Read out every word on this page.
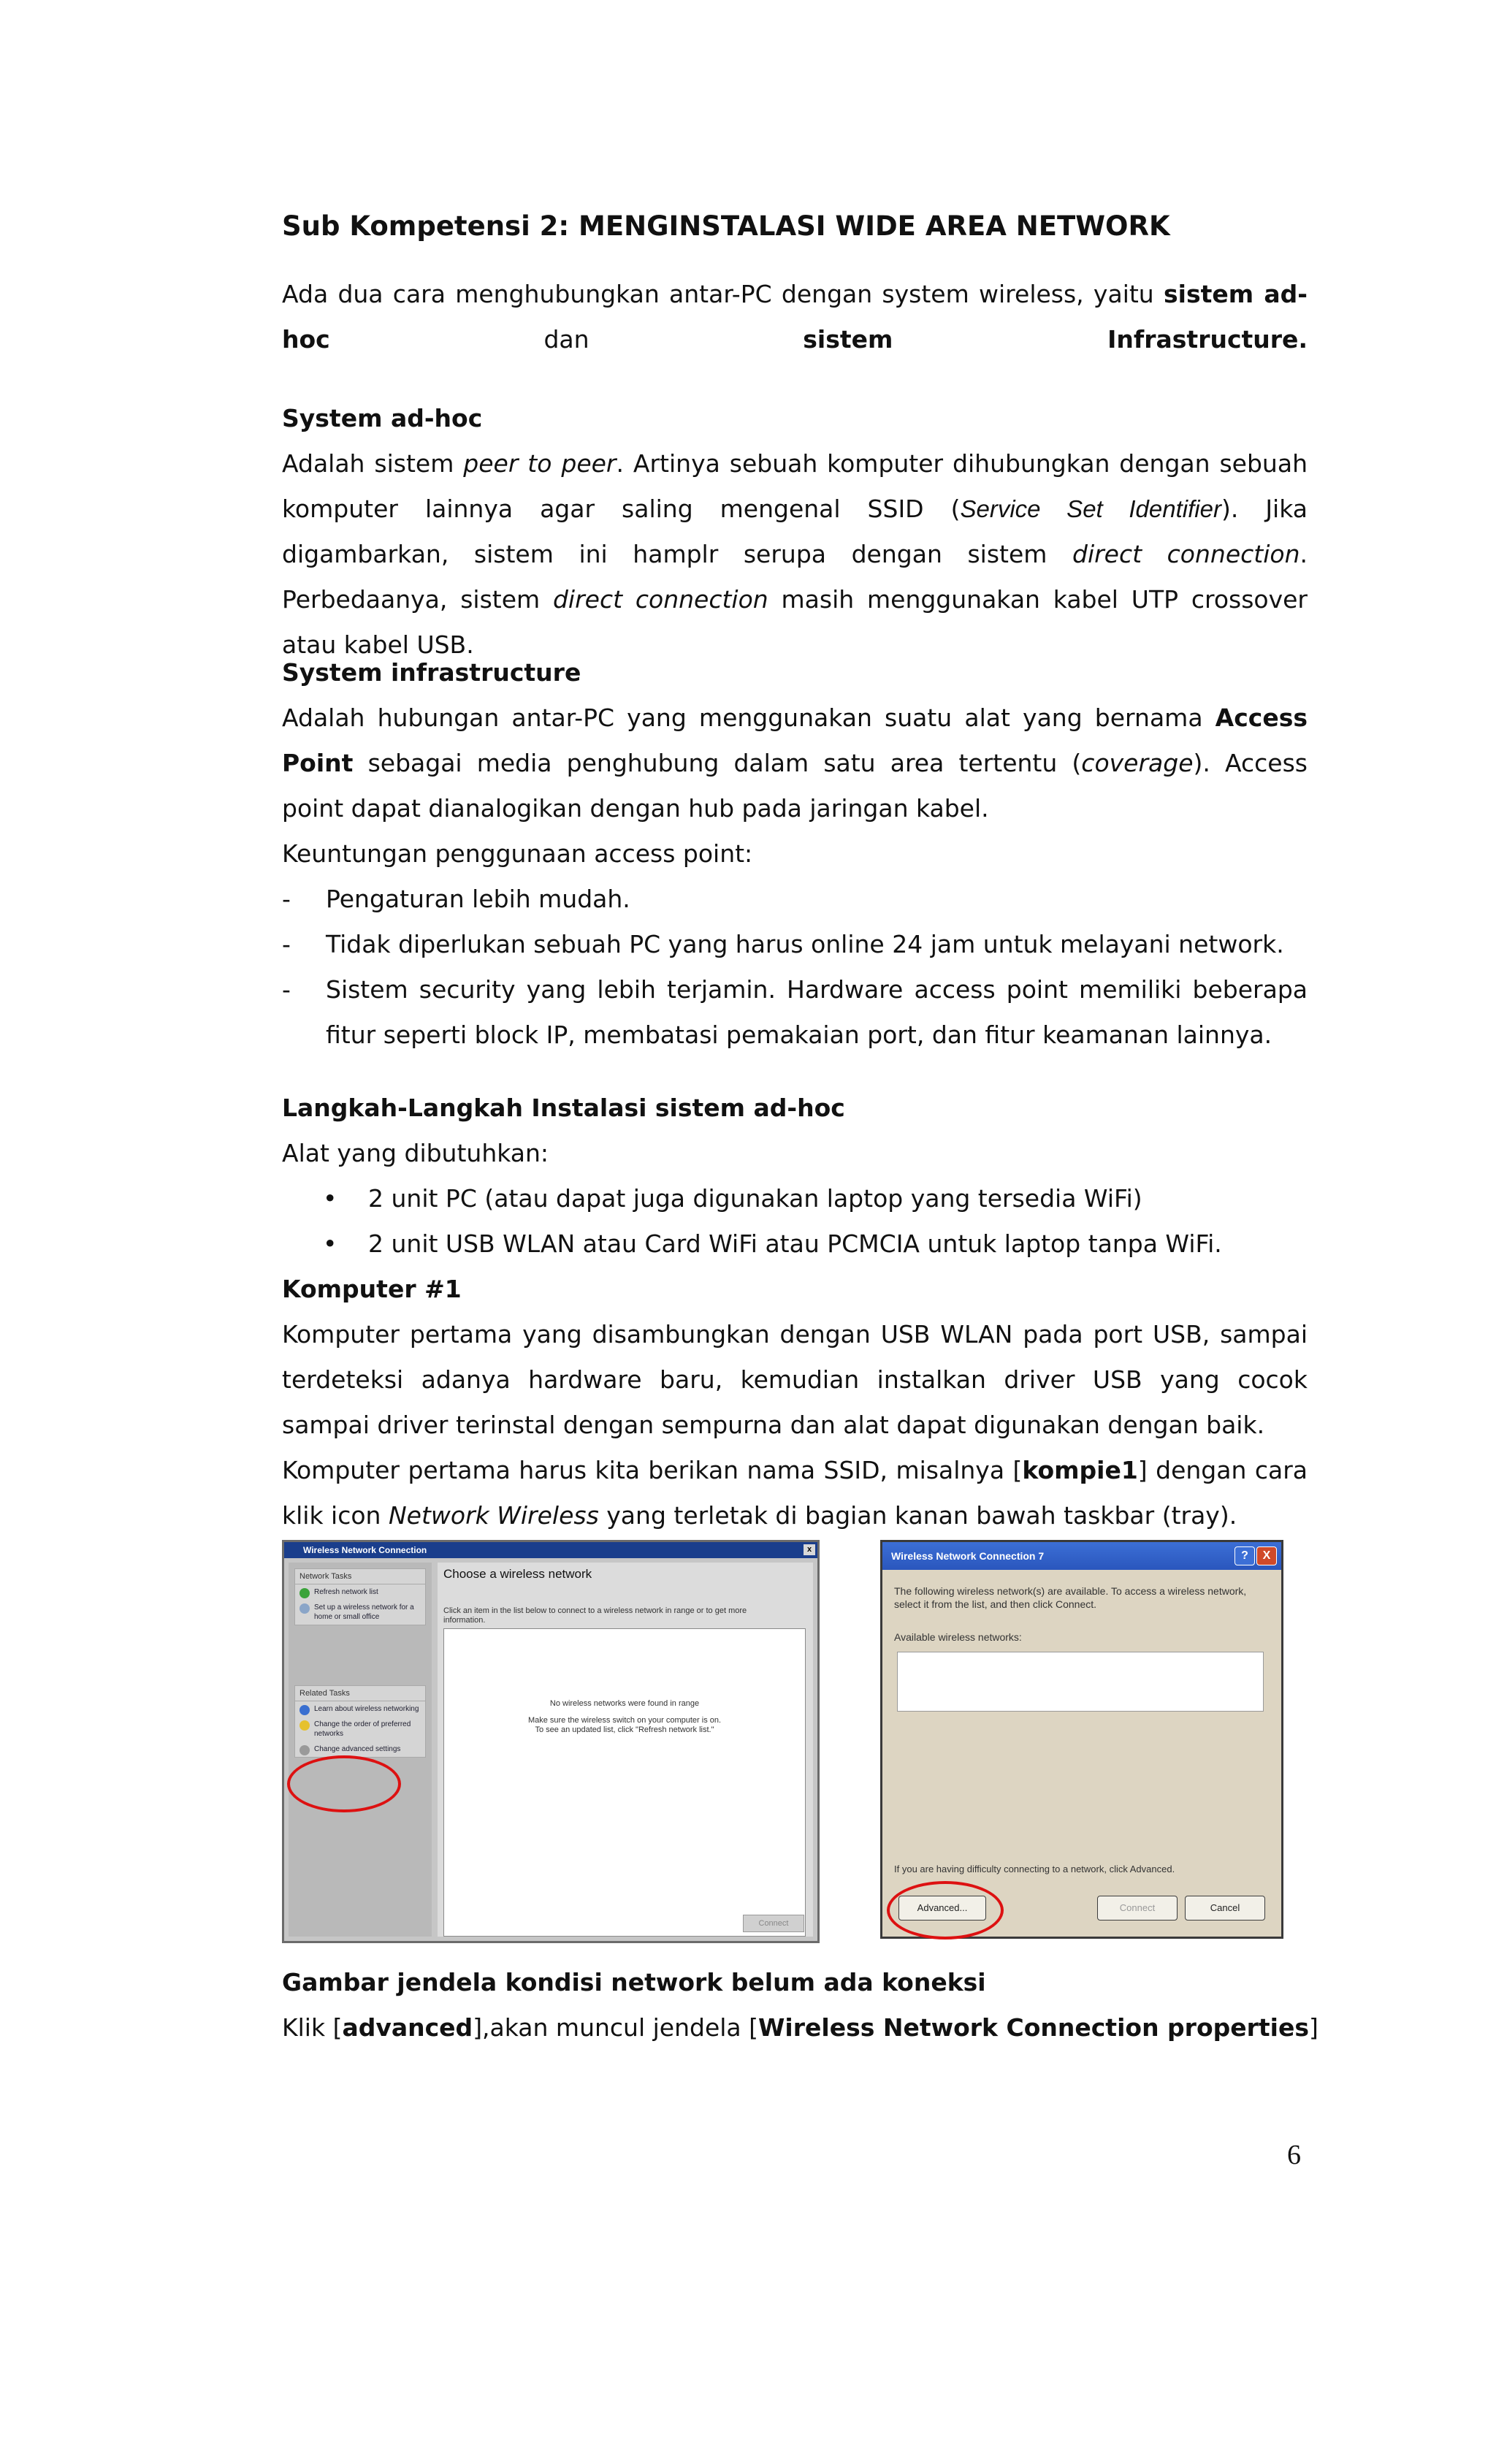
Sub Kompetensi 2: MENGINSTALASI WIDE AREA NETWORK

Ada dua cara menghubungkan antar-PC dengan system wireless, yaitu sistem ad-hoc dan sistem Infrastructure.

System ad-hoc

Adalah sistem peer to peer. Artinya sebuah komputer dihubungkan dengan sebuah komputer lainnya agar saling mengenal SSID (Service Set Identifier). Jika digambarkan, sistem ini hamplr serupa dengan sistem direct connection. Perbedaanya, sistem direct connection masih menggunakan kabel UTP crossover atau kabel USB.

System infrastructure

Adalah hubungan antar-PC yang menggunakan suatu alat yang bernama Access Point sebagai media penghubung dalam satu area tertentu (coverage). Access point dapat dianalogikan dengan hub pada jaringan kabel.

Keuntungan penggunaan access point:

- Pengaturan lebih mudah.

- Tidak diperlukan sebuah PC yang harus online 24 jam untuk melayani network.

- Sistem security yang lebih terjamin. Hardware access point memiliki beberapa fitur seperti block IP, membatasi pemakaian port, dan fitur keamanan lainnya.

Langkah-Langkah Instalasi sistem ad-hoc

Alat yang dibutuhkan:

• 2 unit PC (atau dapat juga digunakan laptop yang tersedia WiFi)

• 2 unit USB WLAN atau Card WiFi atau PCMCIA untuk laptop tanpa WiFi.

Komputer #1

Komputer pertama yang disambungkan dengan USB WLAN pada port USB, sampai terdeteksi adanya hardware baru, kemudian instalkan driver USB yang cocok sampai driver terinstal dengan sempurna dan alat dapat digunakan dengan baik.

Komputer pertama harus kita berikan nama SSID, misalnya [kompie1] dengan cara klik icon Network Wireless yang terletak di bagian kanan bawah taskbar (tray).

Wireless Network Connection	x
Network Tasks
Refresh network list
Set up a wireless network for a home or small office
Related Tasks
Learn about wireless networking
Change the order of preferred networks
Change advanced settings
Choose a wireless network
Click an item in the list below to connect to a wireless network in range or to get more information.
No wireless networks were found in range
Make sure the wireless switch on your computer is on.
To see an updated list, click "Refresh network list."
Connect
Wireless Network Connection 7	?	X
The following wireless network(s) are available. To access a wireless network, select it from the list, and then click Connect.
Available wireless networks:
If you are having difficulty connecting to a network, click Advanced.
Advanced...	Connect	Cancel

Gambar jendela kondisi network belum ada koneksi

Klik [advanced],akan muncul jendela [Wireless Network Connection properties]

6
